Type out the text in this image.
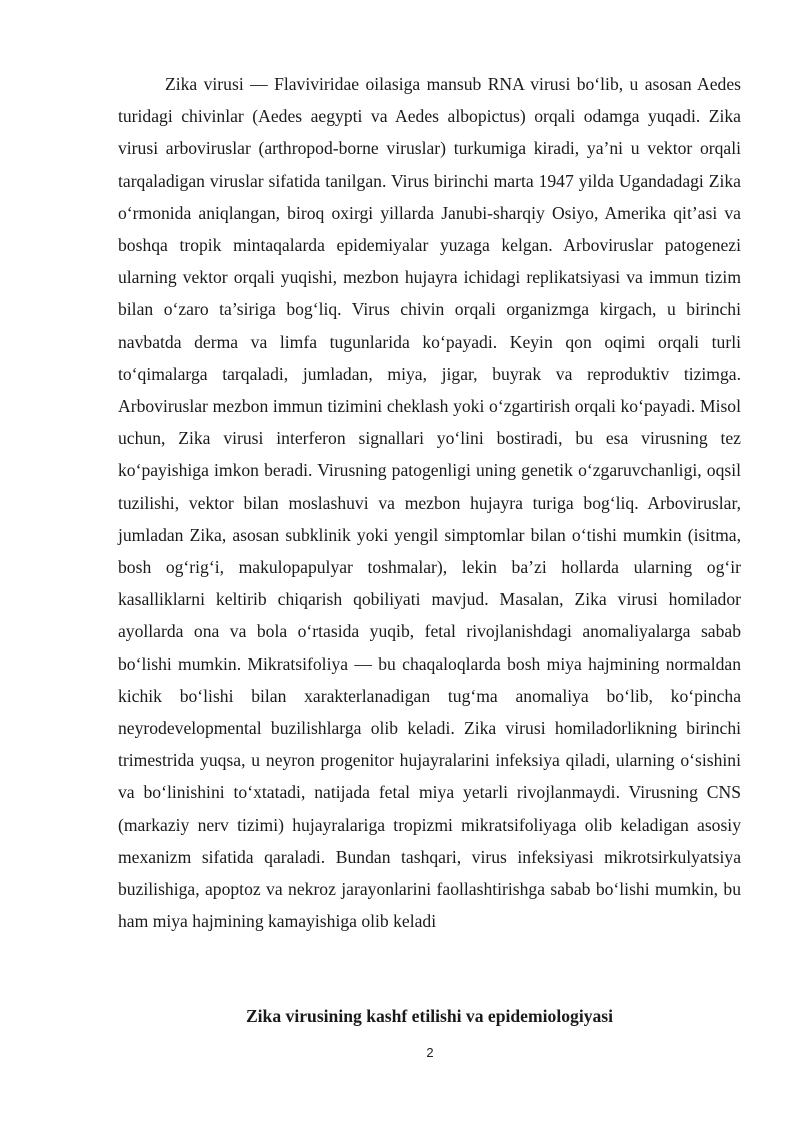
Zika virusi — Flaviviridae oilasiga mansub RNA virusi bo‘lib, u asosan Aedes turidagi chivinlar (Aedes aegypti va Aedes albopictus) orqali odamga yuqadi. Zika virusi arboviruslar (arthropod-borne viruslar) turkumiga kiradi, ya’ni u vektor orqali tarqaladigan viruslar sifatida tanilgan. Virus birinchi marta 1947 yilda Ugandadagi Zika o‘rmonida aniqlangan, biroq oxirgi yillarda Janubi-sharqiy Osiyo, Amerika qit’asi va boshqa tropik mintaqalarda epidemiyalar yuzaga kelgan. Arboviruslar patogenezi ularning vektor orqali yuqishi, mezbon hujayra ichidagi replikatsiyasi va immun tizim bilan o‘zaro ta’siriga bog‘liq. Virus chivin orqali organizmga kirgach, u birinchi navbatda derma va limfa tugunlarida ko‘payadi. Keyin qon oqimi orqali turli to‘qimalarga tarqaladi, jumladan, miya, jigar, buyrak va reproduktiv tizimga. Arboviruslar mezbon immun tizimini cheklash yoki o‘zgartirish orqali ko‘payadi. Misol uchun, Zika virusi interferon signallari yo‘lini bostiradi, bu esa virusning tez ko‘payishiga imkon beradi. Virusning patogenligi uning genetik o‘zgaruvchanligi, oqsil tuzilishi, vektor bilan moslashuvi va mezbon hujayra turiga bog‘liq. Arboviruslar, jumladan Zika, asosan subklinik yoki yengil simptomlar bilan o‘tishi mumkin (isitma, bosh og‘rig‘i, makulopapulyar toshmalar), lekin ba’zi hollarda ularning og‘ir kasalliklarni keltirib chiqarish qobiliyati mavjud. Masalan, Zika virusi homilador ayollarda ona va bola o‘rtasida yuqib, fetal rivojlanishdagi anomaliyalarga sabab bo‘lishi mumkin. Mikratsifoliya — bu chaqaloqlarda bosh miya hajmining normaldan kichik bo‘lishi bilan xarakterlanadigan tug‘ma anomaliya bo‘lib, ko‘pincha neyrodevelopmental buzilishlarga olib keladi. Zika virusi homiladorlikning birinchi trimestrida yuqsa, u neyron progenitor hujayralarini infeksiya qiladi, ularning o‘sishini va bo‘linishini to‘xtatadi, natijada fetal miya yetarli rivojlanmaydi. Virusning CNS (markaziy nerv tizimi) hujayralariga tropizmi mikratsifoliyaga olib keladigan asosiy mexanizm sifatida qaraladi. Bundan tashqari, virus infeksiyasi mikrotsirkulyatsiya buzilishiga, apoptoz va nekroz jarayonlarini faollashtirishga sabab bo‘lishi mumkin, bu ham miya hajmining kamayishiga olib keladi

Zika virusining kashf etilishi va epidemiologiyasi
2
